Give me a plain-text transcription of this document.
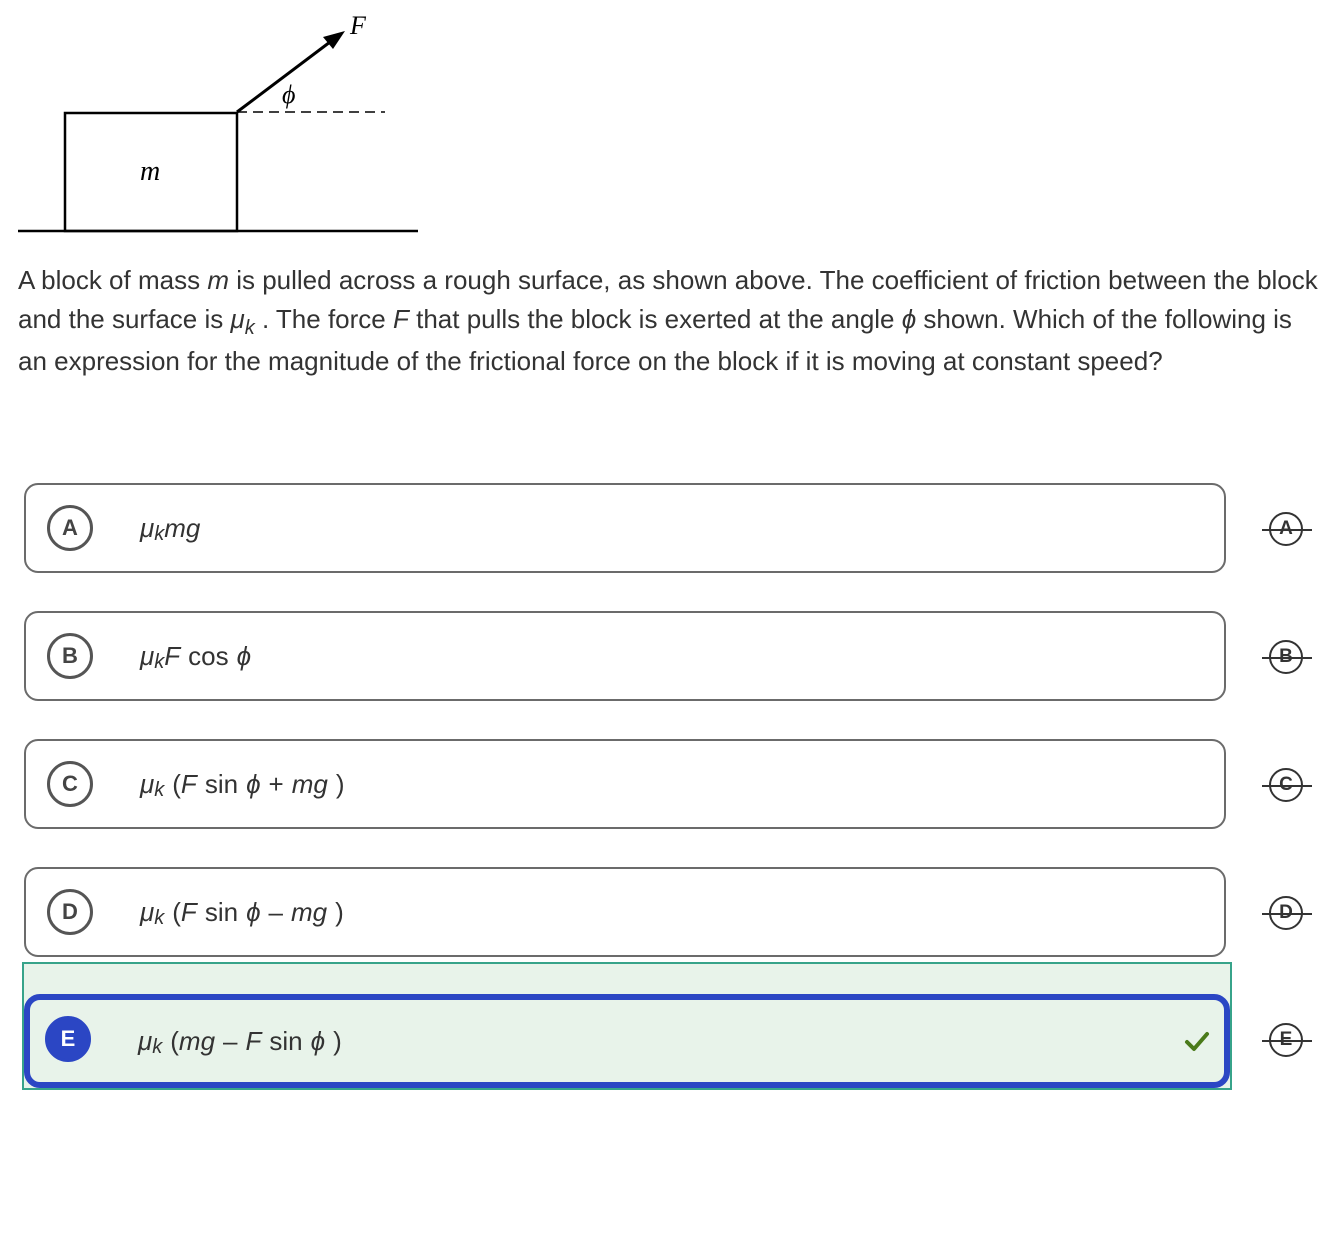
F
ϕ
m
A block of mass m is pulled across a rough surface, as shown above. The coefficient of friction between the block and the surface is $\mu_k$ . The force F that pulls the block is exerted at the angle ϕ shown. Which of the following is an expression for the magnitude of the frictional force on the block if it is moving at constant speed?
A	μ k mg
B	μ k F cos ϕ
C	μ k ( F sin ϕ + mg )
D	μ k ( F sin ϕ – mg )
E	μ k ( mg – F sin ϕ )
